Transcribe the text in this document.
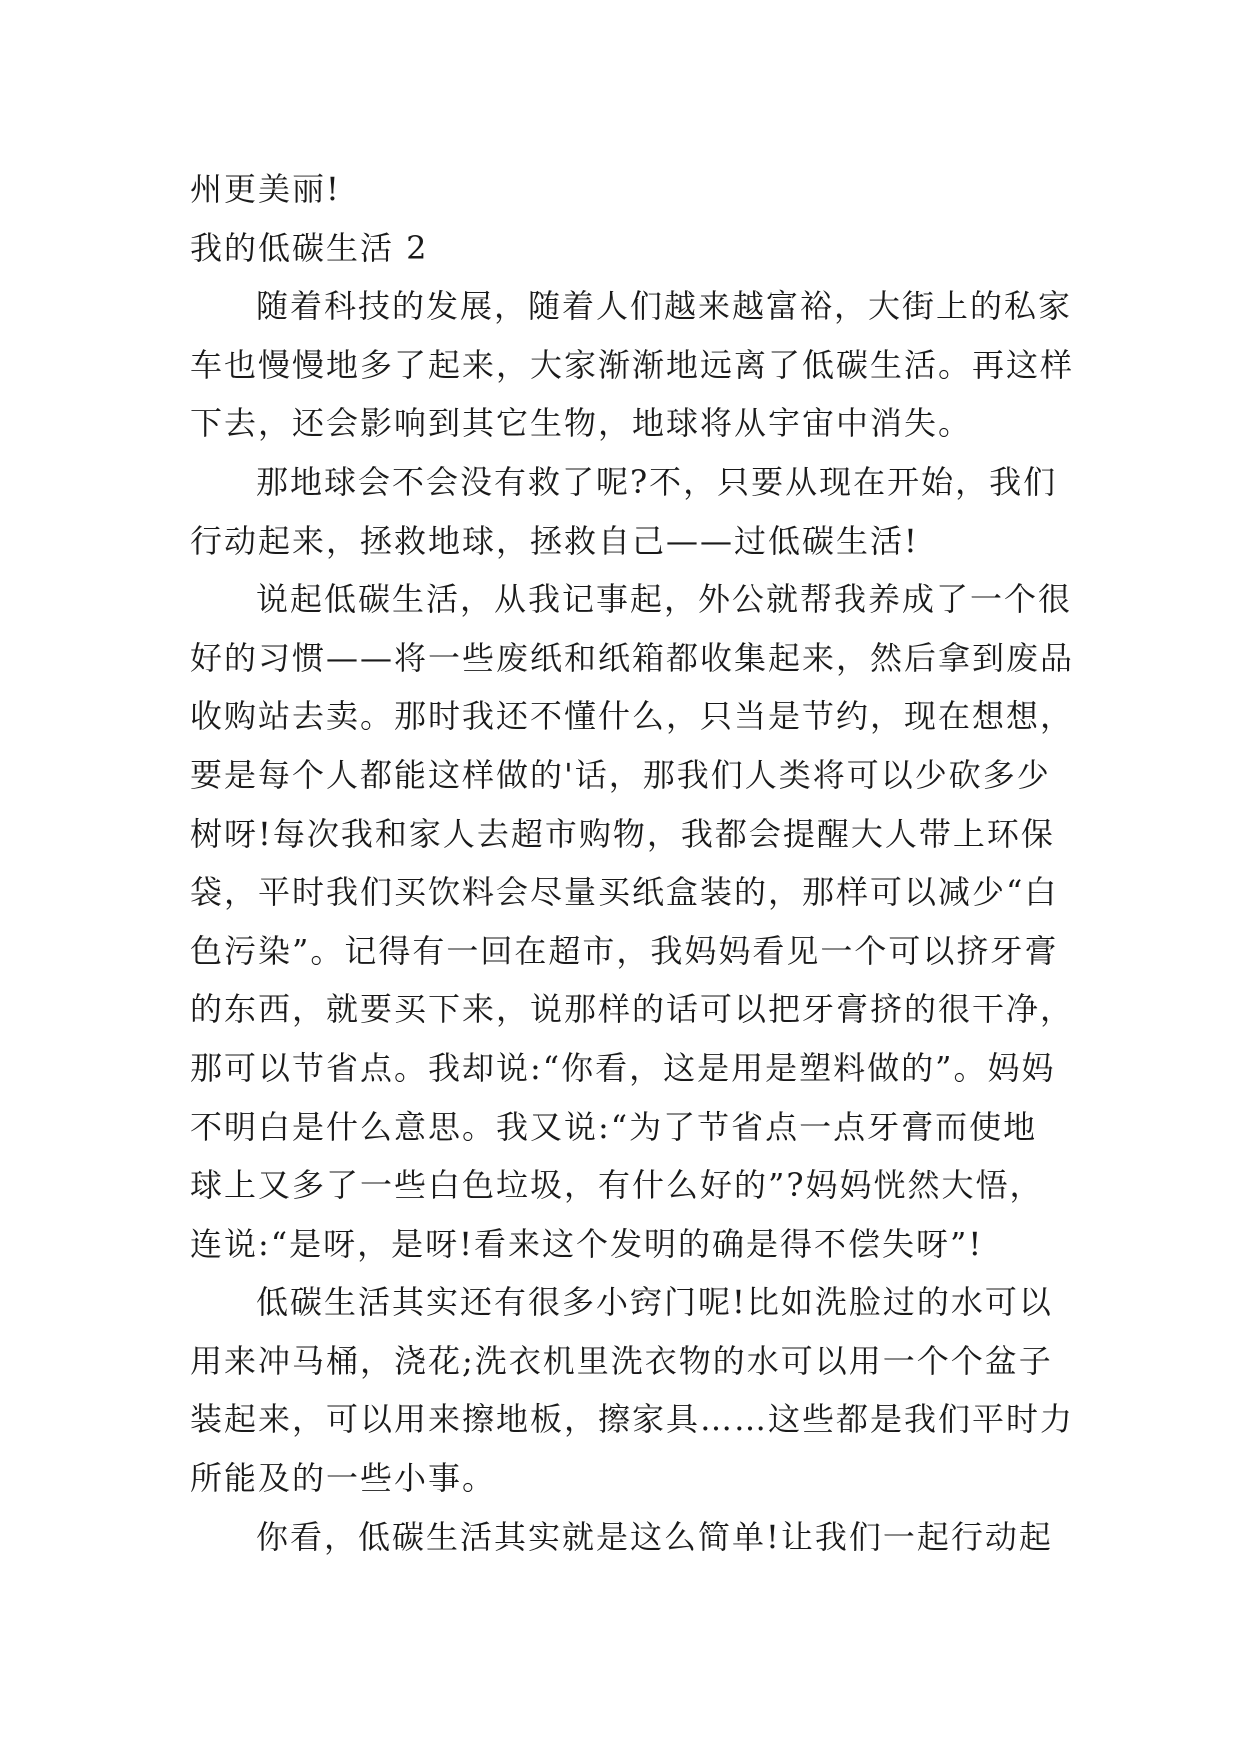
州更美丽!
我的低碳生活 2
随着科技的发展，随着人们越来越富裕，大街上的私家
车也慢慢地多了起来，大家渐渐地远离了低碳生活。再这样
下去，还会影响到其它生物，地球将从宇宙中消失。
那地球会不会没有救了呢?不，只要从现在开始，我们
行动起来，拯救地球，拯救自己——过低碳生活!
说起低碳生活，从我记事起，外公就帮我养成了一个很
好的习惯——将一些废纸和纸箱都收集起来，然后拿到废品
收购站去卖。那时我还不懂什么，只当是节约，现在想想，
要是每个人都能这样做的'话，那我们人类将可以少砍多少
树呀!每次我和家人去超市购物，我都会提醒大人带上环保
袋，平时我们买饮料会尽量买纸盒装的，那样可以减少“白
色污染”。记得有一回在超市，我妈妈看见一个可以挤牙膏
的东西，就要买下来，说那样的话可以把牙膏挤的很干净，
那可以节省点。我却说:“你看，这是用是塑料做的”。妈妈
不明白是什么意思。我又说:“为了节省点一点牙膏而使地
球上又多了一些白色垃圾，有什么好的”?妈妈恍然大悟，
连说:“是呀，是呀!看来这个发明的确是得不偿失呀”!
低碳生活其实还有很多小窍门呢!比如洗脸过的水可以
用来冲马桶，浇花;洗衣机里洗衣物的水可以用一个个盆子
装起来，可以用来擦地板，擦家具……这些都是我们平时力
所能及的一些小事。
你看，低碳生活其实就是这么简单!让我们一起行动起
